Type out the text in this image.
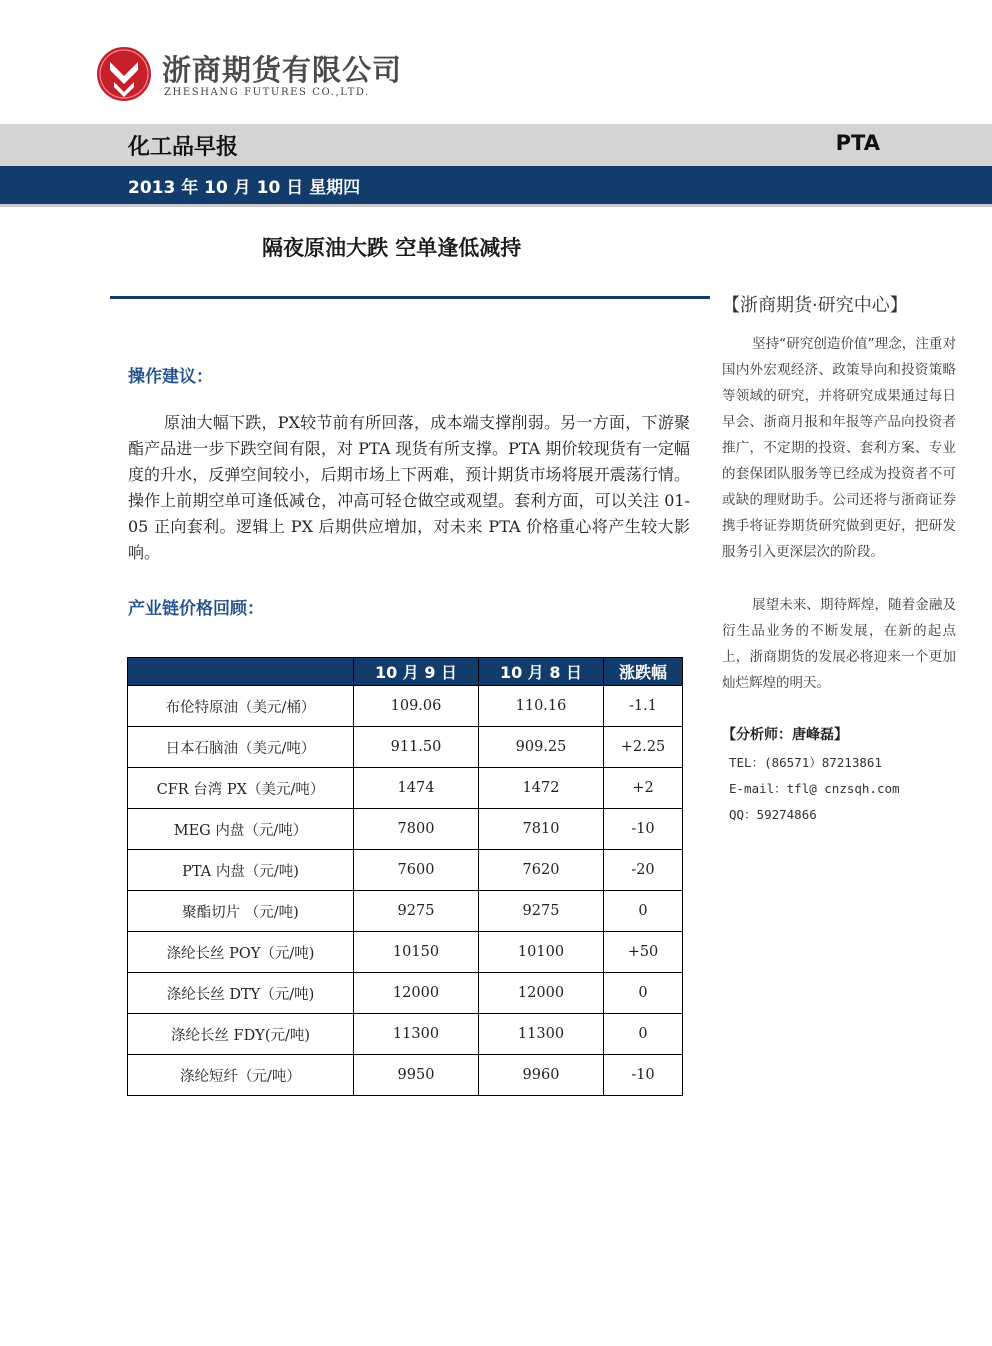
浙商期货有限公司
ZHESHANG FUTURES CO.,LTD.
化工品早报	PTA
2013 年 10 月 10 日 星期四
隔夜原油大跌 空单逢低减持
操作建议：
原油大幅下跌，PX较节前有所回落，成本端支撑削弱。另一方面，下游聚酯产品进一步下跌空间有限，对 PTA 现货有所支撑。PTA 期价较现货有一定幅度的升水，反弹空间较小，后期市场上下两难，预计期货市场将展开震荡行情。操作上前期空单可逢低减仓，冲高可轻仓做空或观望。套利方面，可以关注 01-05 正向套利。逻辑上 PX 后期供应增加，对未来 PTA 价格重心将产生较大影响。
产业链价格回顾：
	10 月 9 日	10 月 8 日	涨跌幅
布伦特原油（美元/桶）	109.06	110.16	-1.1
日本石脑油（美元/吨）	911.50	909.25	+2.25
CFR 台湾 PX（美元/吨）	1474	1472	+2
MEG 内盘（元/吨）	7800	7810	-10
PTA 内盘（元/吨)	7600	7620	-20
聚酯切片 （元/吨)	9275	9275	0
涤纶长丝 POY（元/吨)	10150	10100	+50
涤纶长丝 DTY（元/吨)	12000	12000	0
涤纶长丝 FDY(元/吨)	11300	11300	0
涤纶短纤（元/吨）	9950	9960	-10
【浙商期货·研究中心】
坚持“研究创造价值”理念，注重对国内外宏观经济、政策导向和投资策略等领域的研究，并将研究成果通过每日早会、浙商月报和年报等产品向投资者推广，不定期的投资、套利方案、专业的套保团队服务等已经成为投资者不可或缺的理财助手。公司还将与浙商证券携手将证券期货研究做到更好，把研发服务引入更深层次的阶段。
展望未来、期待辉煌，随着金融及衍生品业务的不断发展，在新的起点上，浙商期货的发展必将迎来一个更加灿烂辉煌的明天。
【分析师：唐峰磊】
TEL：(86571）87213861
E-mail：tfl@ cnzsqh.com
QQ：59274866
